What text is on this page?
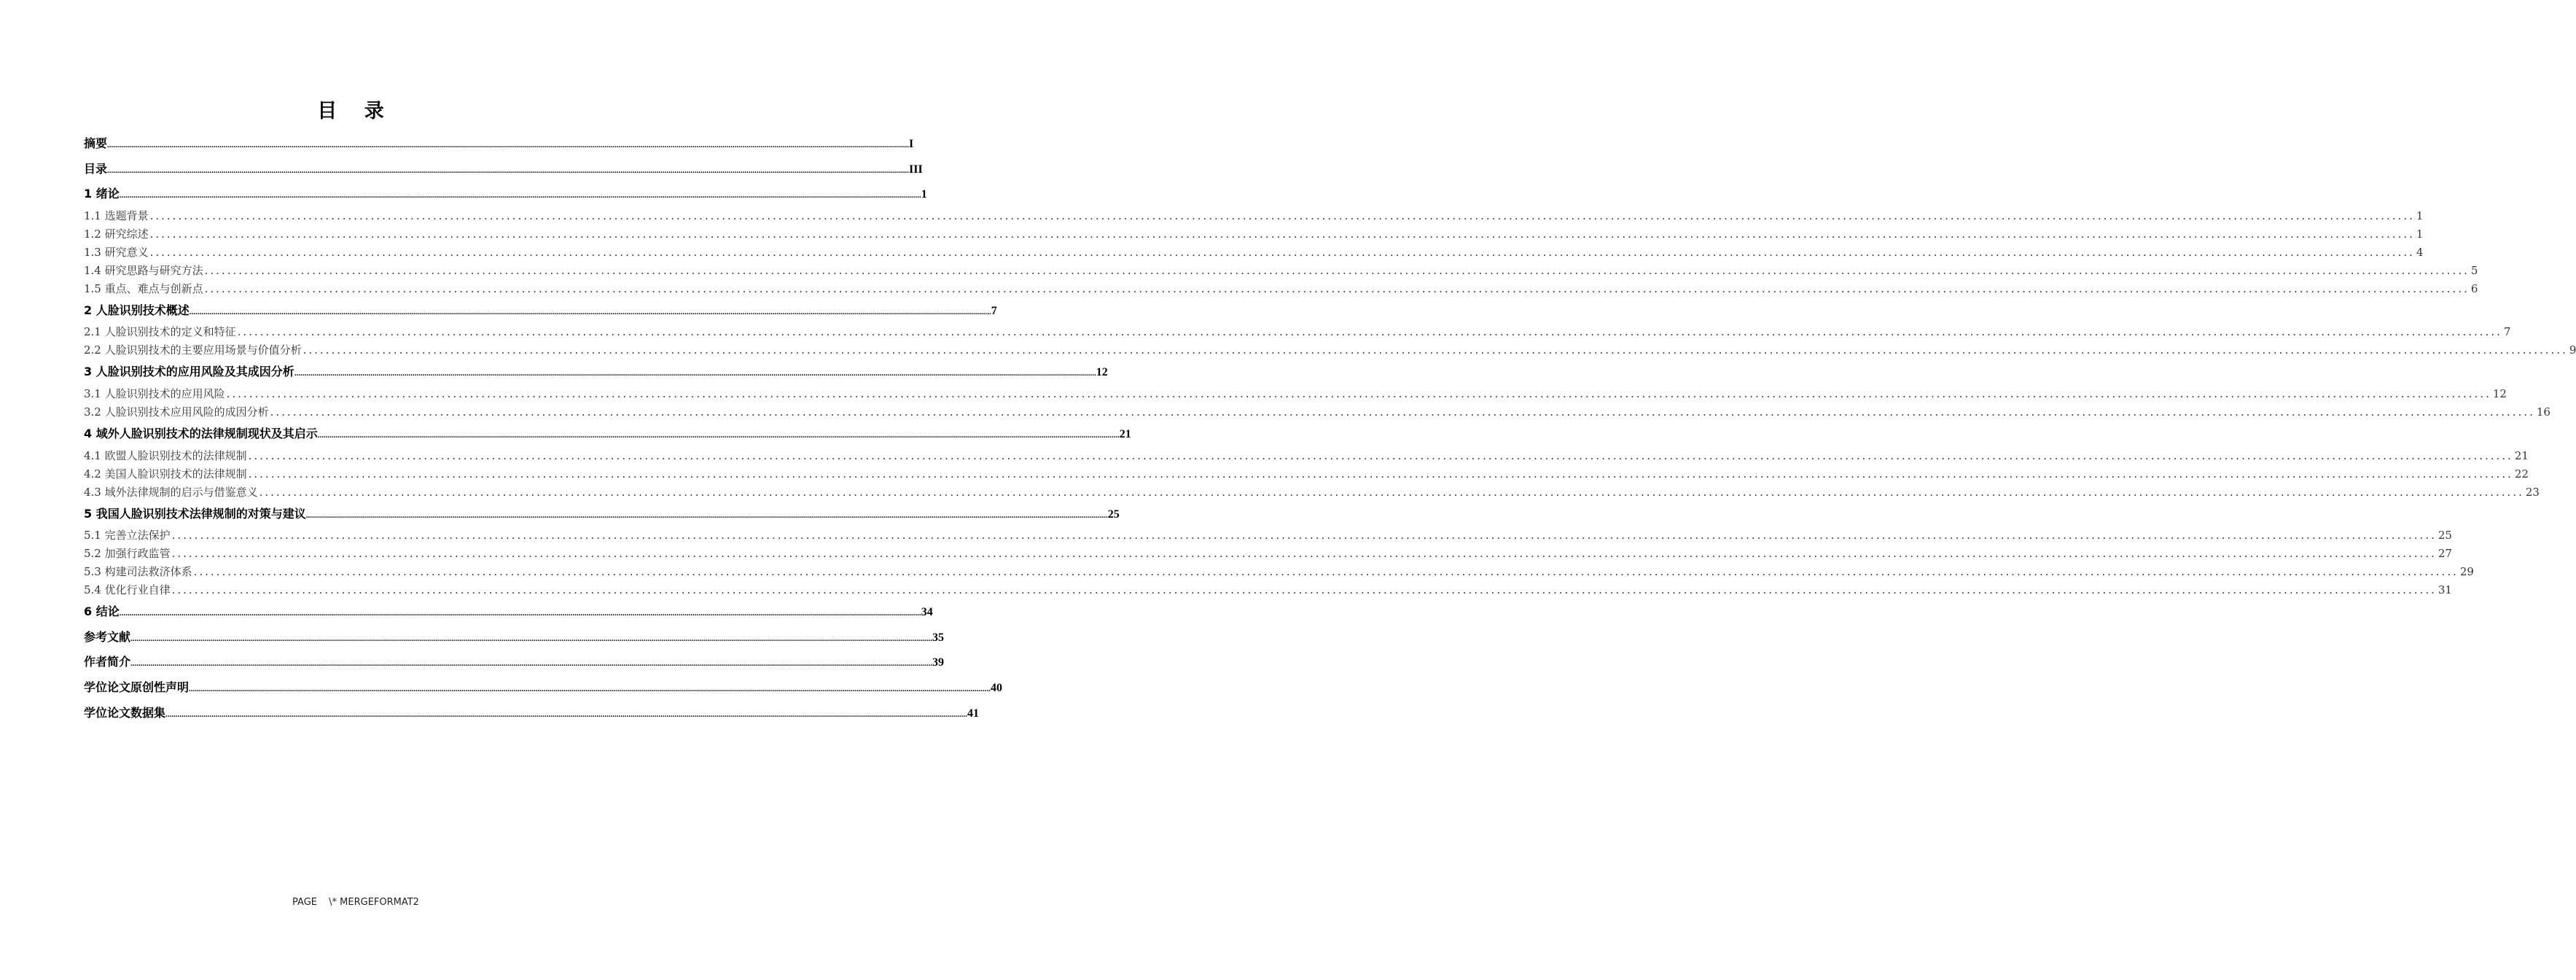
目 录
摘要 ................................................................................................................................................................................................................................................................................................................................................................................................................ I
目录 ................................................................................................................................................................................................................................................................................................................................................................................................................ III
1 绪论 ................................................................................................................................................................................................................................................................................................................................................................................................................ 1
1.1 选题背景 ................................................................................................................................................................................................................................................................................................................................................................................................................ 1
1.2 研究综述 ................................................................................................................................................................................................................................................................................................................................................................................................................ 1
1.3 研究意义 ................................................................................................................................................................................................................................................................................................................................................................................................................ 4
1.4 研究思路与研究方法 ................................................................................................................................................................................................................................................................................................................................................................................................................ 5
1.5 重点、难点与创新点 ................................................................................................................................................................................................................................................................................................................................................................................................................ 6
2 人脸识别技术概述 ................................................................................................................................................................................................................................................................................................................................................................................................................ 7
2.1 人脸识别技术的定义和特征 ................................................................................................................................................................................................................................................................................................................................................................................................................ 7
2.2 人脸识别技术的主要应用场景与价值分析 ................................................................................................................................................................................................................................................................................................................................................................................................................ 9
3 人脸识别技术的应用风险及其成因分析 ................................................................................................................................................................................................................................................................................................................................................................................................................ 12
3.1 人脸识别技术的应用风险 ................................................................................................................................................................................................................................................................................................................................................................................................................ 12
3.2 人脸识别技术应用风险的成因分析 ................................................................................................................................................................................................................................................................................................................................................................................................................ 16
4 域外人脸识别技术的法律规制现状及其启示 ................................................................................................................................................................................................................................................................................................................................................................................................................ 21
4.1 欧盟人脸识别技术的法律规制 ................................................................................................................................................................................................................................................................................................................................................................................................................ 21
4.2 美国人脸识别技术的法律规制 ................................................................................................................................................................................................................................................................................................................................................................................................................ 22
4.3 域外法律规制的启示与借鉴意义 ................................................................................................................................................................................................................................................................................................................................................................................................................ 23
5 我国人脸识别技术法律规制的对策与建议 ................................................................................................................................................................................................................................................................................................................................................................................................................ 25
5.1 完善立法保护 ................................................................................................................................................................................................................................................................................................................................................................................................................ 25
5.2 加强行政监管 ................................................................................................................................................................................................................................................................................................................................................................................................................ 27
5.3 构建司法救济体系 ................................................................................................................................................................................................................................................................................................................................................................................................................ 29
5.4 优化行业自律 ................................................................................................................................................................................................................................................................................................................................................................................................................ 31
6 结论 ................................................................................................................................................................................................................................................................................................................................................................................................................ 34
参考文献 ................................................................................................................................................................................................................................................................................................................................................................................................................ 35
作者简介 ................................................................................................................................................................................................................................................................................................................................................................................................................ 39
学位论文原创性声明 ................................................................................................................................................................................................................................................................................................................................................................................................................ 40
学位论文数据集 ................................................................................................................................................................................................................................................................................................................................................................................................................ 41
PAGE \* MERGEFORMAT2
